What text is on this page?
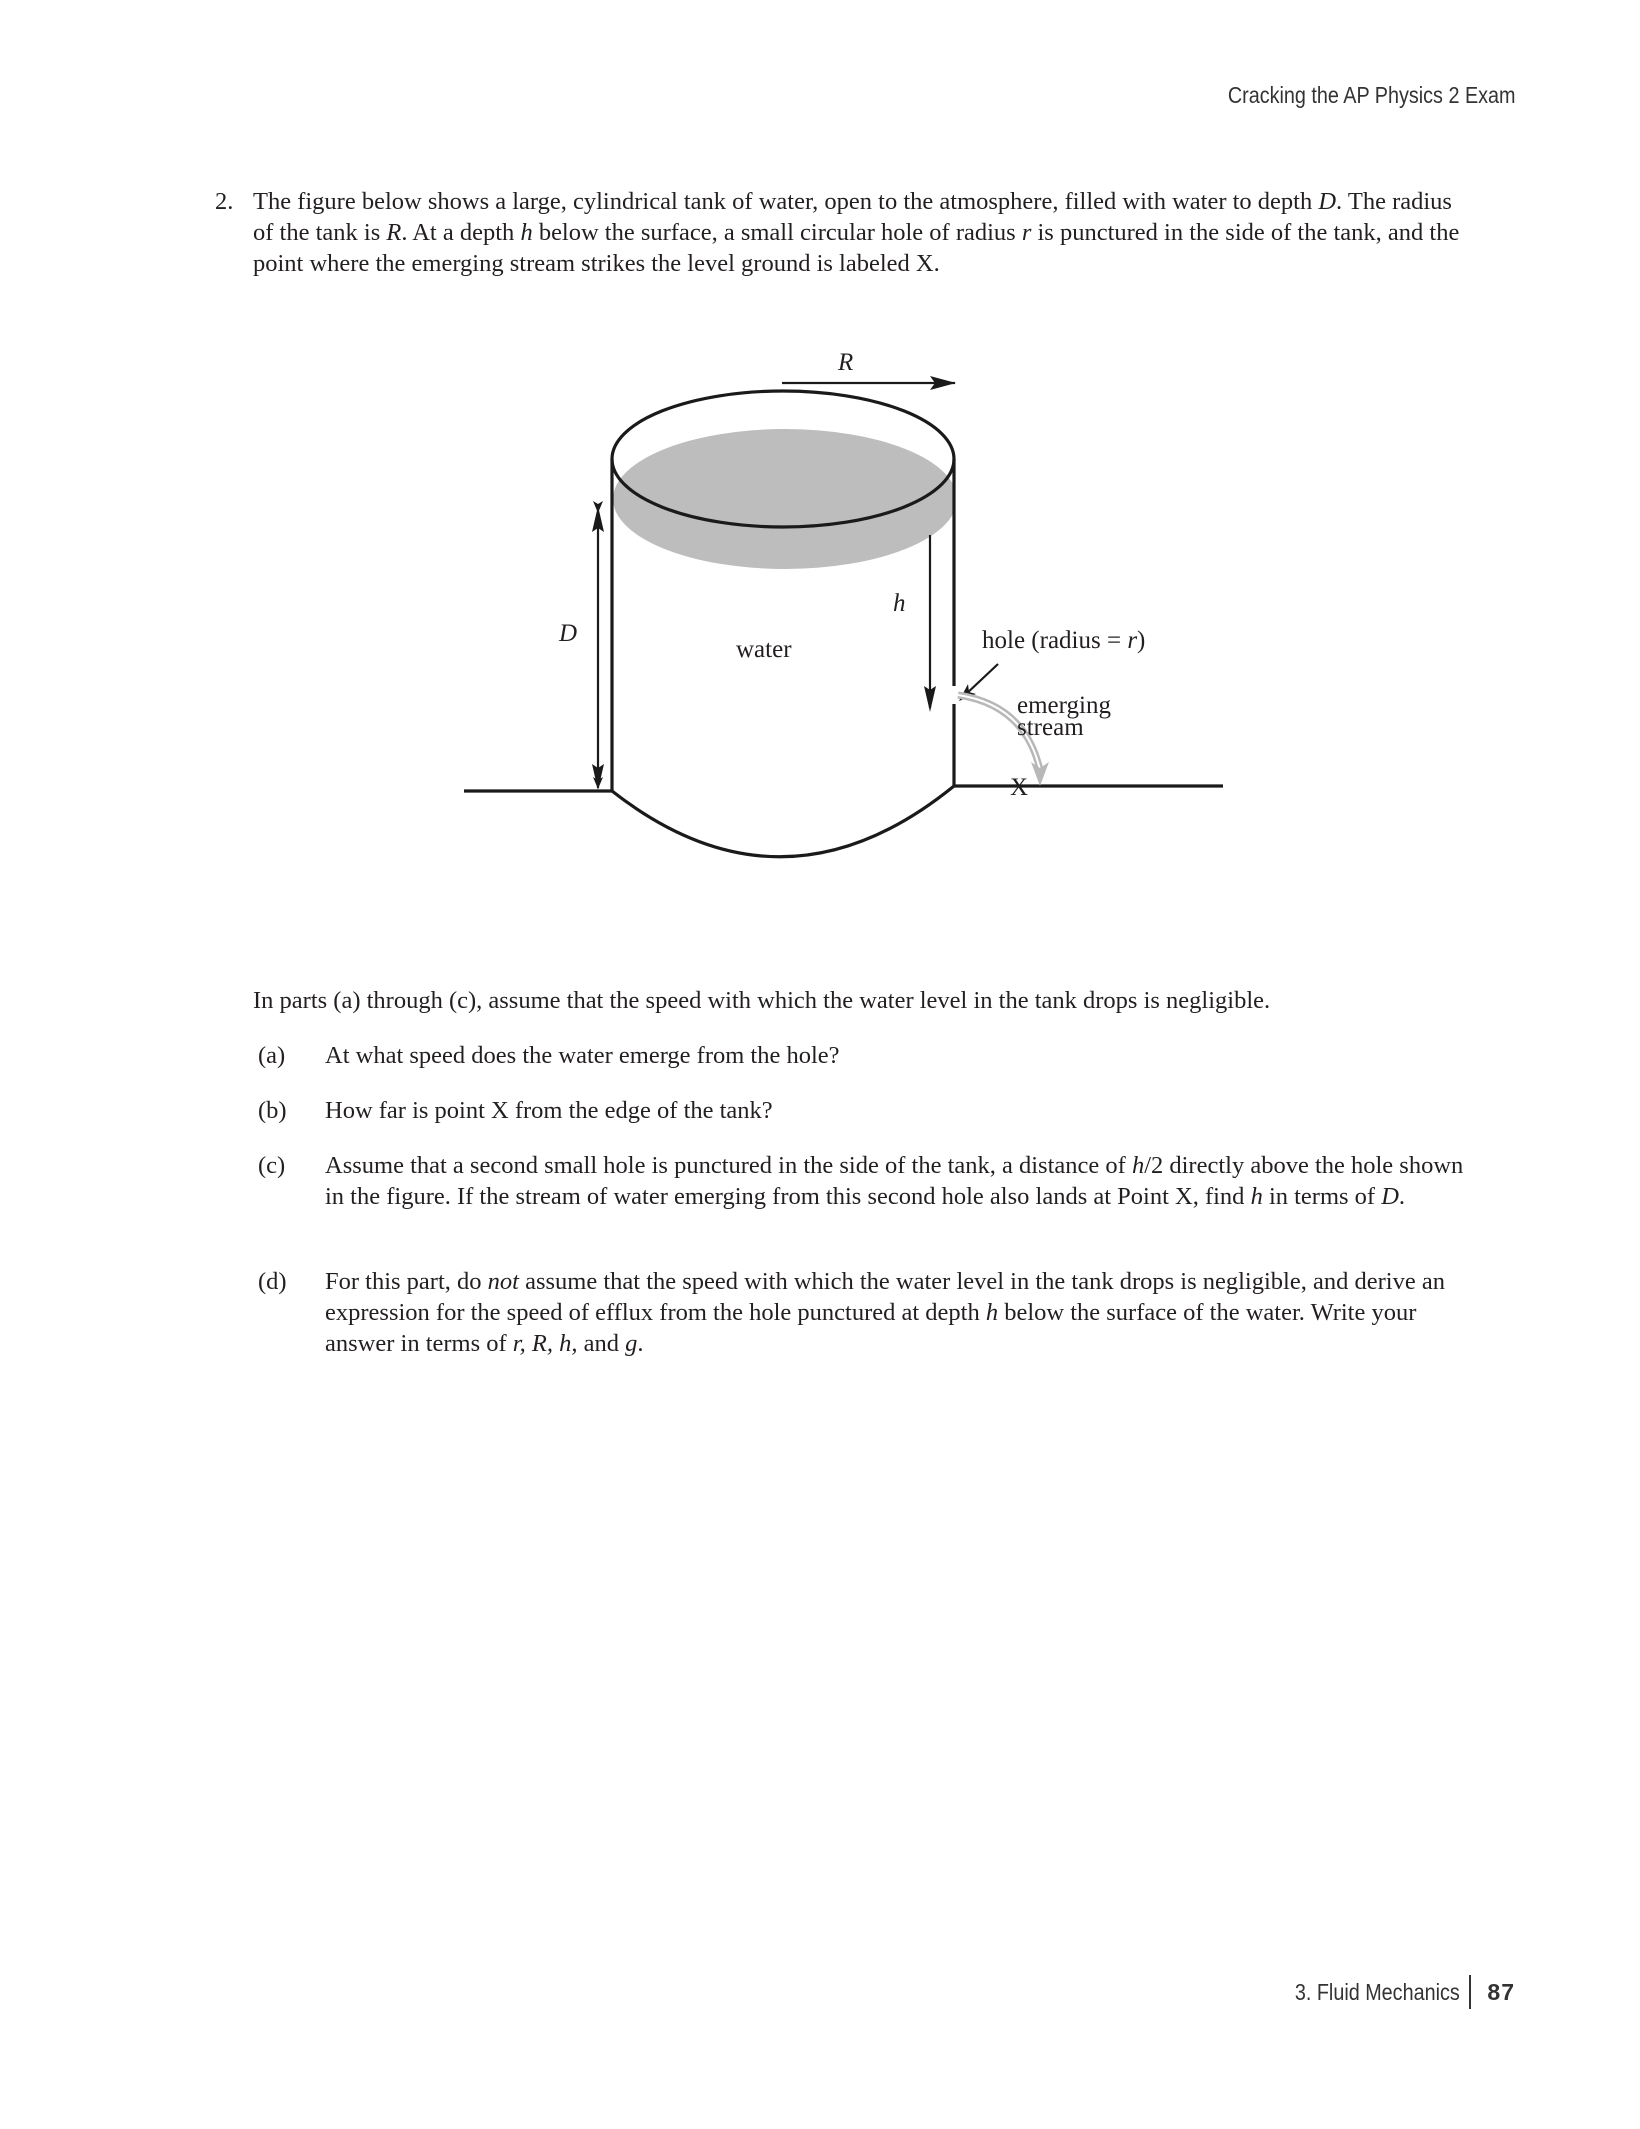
Cracking the AP Physics 2 Exam
2. The figure below shows a large, cylindrical tank of water, open to the atmosphere, filled with water to depth D. The radius of the tank is R. At a depth h below the surface, a small circular hole of radius r is punctured in the side of the tank, and the point where the emerging stream strikes the level ground is labeled X.
R
D
h
water	hole (radius = r)
emerging
stream
X
In parts (a) through (c), assume that the speed with which the water level in the tank drops is negligible.
(a) At what speed does the water emerge from the hole?
(b) How far is point X from the edge of the tank?
(c) Assume that a second small hole is punctured in the side of the tank, a distance of h/2 directly above the hole shown in the figure. If the stream of water emerging from this second hole also lands at Point X, find h in terms of D.
(d) For this part, do not assume that the speed with which the water level in the tank drops is negligible, and derive an expression for the speed of efflux from the hole punctured at depth h below the surface of the water. Write your answer in terms of r, R, h, and g.
3. Fluid Mechanics 87
